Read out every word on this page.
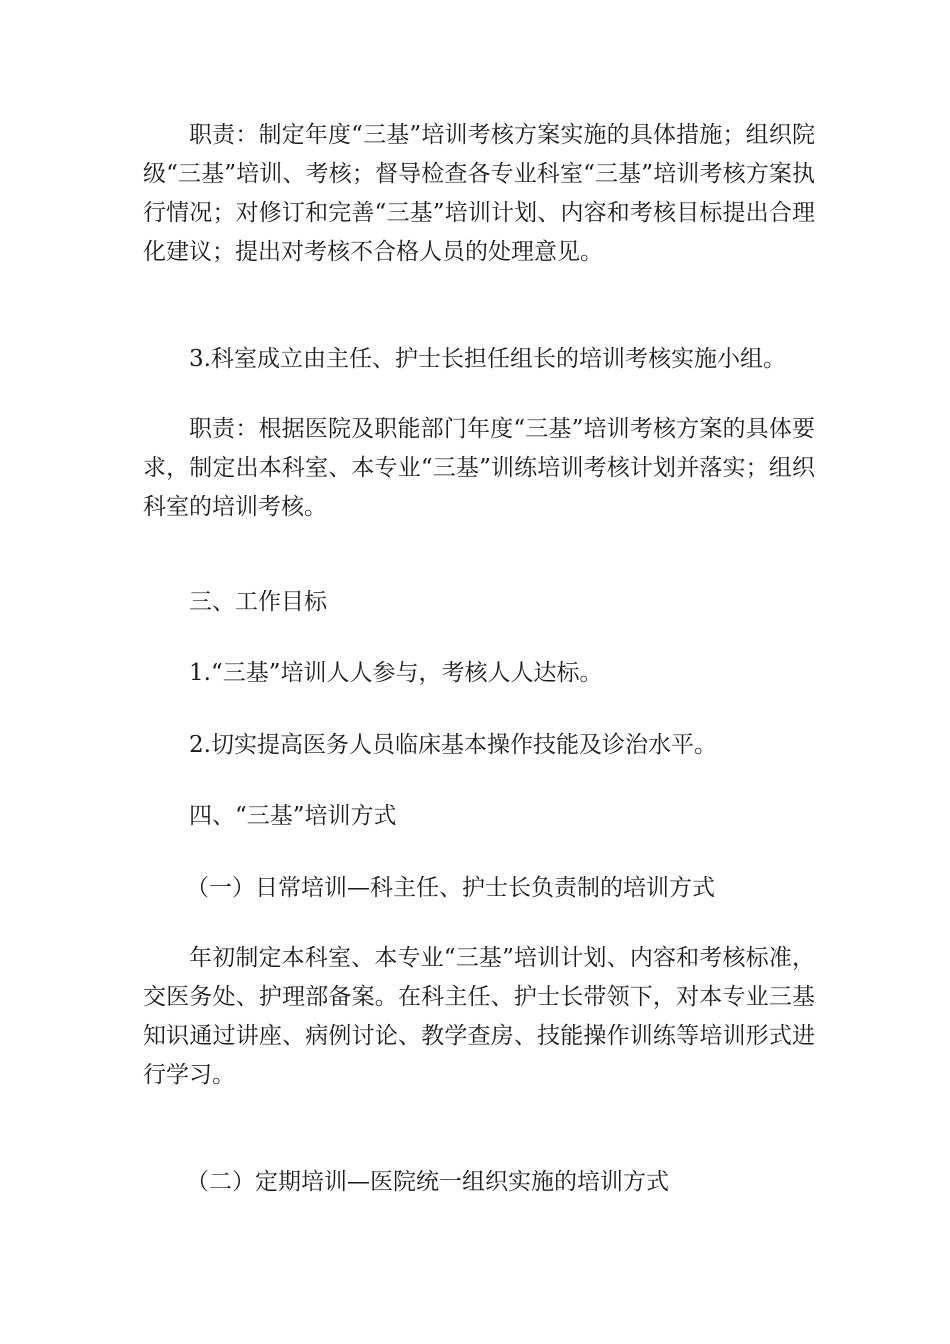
职责：制定年度“三基”培训考核方案实施的具体措施；组织院级“三基”培训、考核；督导检查各专业科室“三基”培训考核方案执行情况；对修订和完善“三基”培训计划、内容和考核目标提出合理化建议；提出对考核不合格人员的处理意见。

3.科室成立由主任、护士长担任组长的培训考核实施小组。

职责：根据医院及职能部门年度“三基”培训考核方案的具体要求，制定出本科室、本专业“三基”训练培训考核计划并落实；组织科室的培训考核。

三、工作目标

1.“三基”培训人人参与，考核人人达标。

2.切实提高医务人员临床基本操作技能及诊治水平。

四、“三基”培训方式

（一）日常培训—科主任、护士长负责制的培训方式

年初制定本科室、本专业“三基”培训计划、内容和考核标准，交医务处、护理部备案。在科主任、护士长带领下，对本专业三基知识通过讲座、病例讨论、教学查房、技能操作训练等培训形式进行学习。

（二）定期培训—医院统一组织实施的培训方式
